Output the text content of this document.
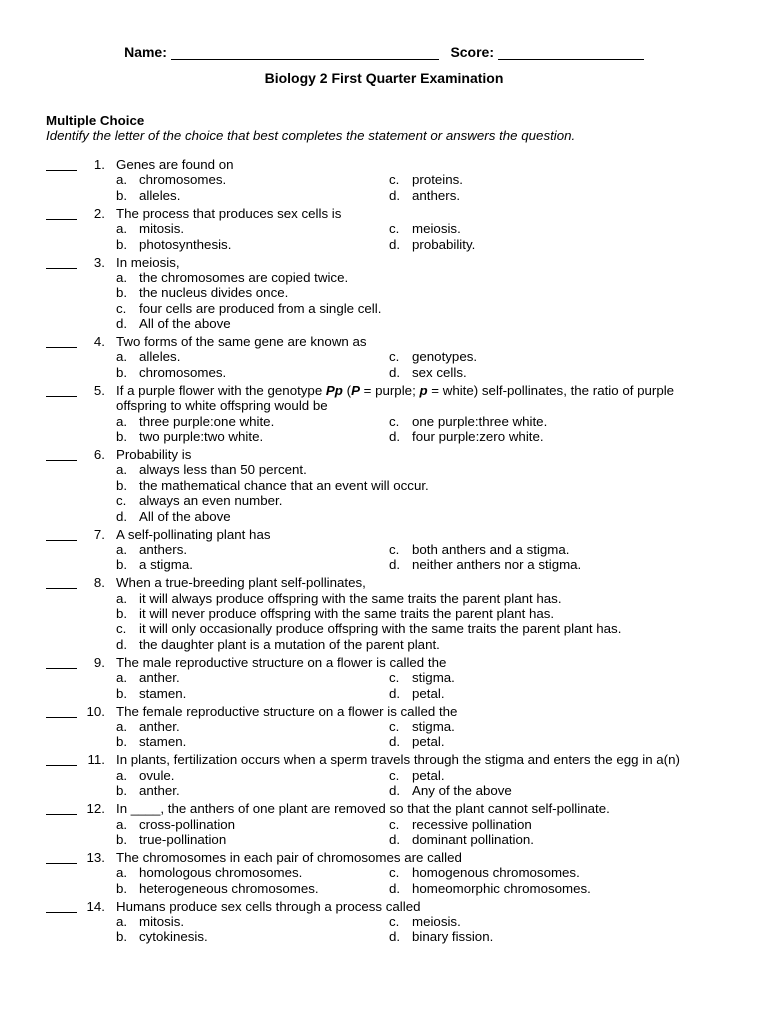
Name:	Score:
Biology 2 First Quarter Examination
Multiple Choice
Identify the letter of the choice that best completes the statement or answers the question.
1. Genes are found on
a. chromosomes.	c. proteins.
b. alleles.	d. anthers.
2. The process that produces sex cells is
a. mitosis.	c. meiosis.
b. photosynthesis.	d. probability.
3. In meiosis,
a. the chromosomes are copied twice.
b. the nucleus divides once.
c. four cells are produced from a single cell.
d. All of the above
4. Two forms of the same gene are known as
a. alleles.	c. genotypes.
b. chromosomes.	d. sex cells.
5. If a purple flower with the genotype Pp (P = purple; p = white) self-pollinates, the ratio of purple
offspring to white offspring would be
a. three purple:one white.	c. one purple:three white.
b. two purple:two white.	d. four purple:zero white.
6. Probability is
a. always less than 50 percent.
b. the mathematical chance that an event will occur.
c. always an even number.
d. All of the above
7. A self-pollinating plant has
a. anthers.	c. both anthers and a stigma.
b. a stigma.	d. neither anthers nor a stigma.
8. When a true-breeding plant self-pollinates,
a. it will always produce offspring with the same traits the parent plant has.
b. it will never produce offspring with the same traits the parent plant has.
c. it will only occasionally produce offspring with the same traits the parent plant has.
d. the daughter plant is a mutation of the parent plant.
9. The male reproductive structure on a flower is called the
a. anther.	c. stigma.
b. stamen.	d. petal.
10. The female reproductive structure on a flower is called the
a. anther.	c. stigma.
b. stamen.	d. petal.
11. In plants, fertilization occurs when a sperm travels through the stigma and enters the egg in a(n)
a. ovule.	c. petal.
b. anther.	d. Any of the above
12. In ____, the anthers of one plant are removed so that the plant cannot self-pollinate.
a. cross-pollination	c. recessive pollination
b. true-pollination	d. dominant pollination.
13. The chromosomes in each pair of chromosomes are called
a. homologous chromosomes.	c. homogenous chromosomes.
b. heterogeneous chromosomes.	d. homeomorphic chromosomes.
14. Humans produce sex cells through a process called
a. mitosis.	c. meiosis.
b. cytokinesis.	d. binary fission.
